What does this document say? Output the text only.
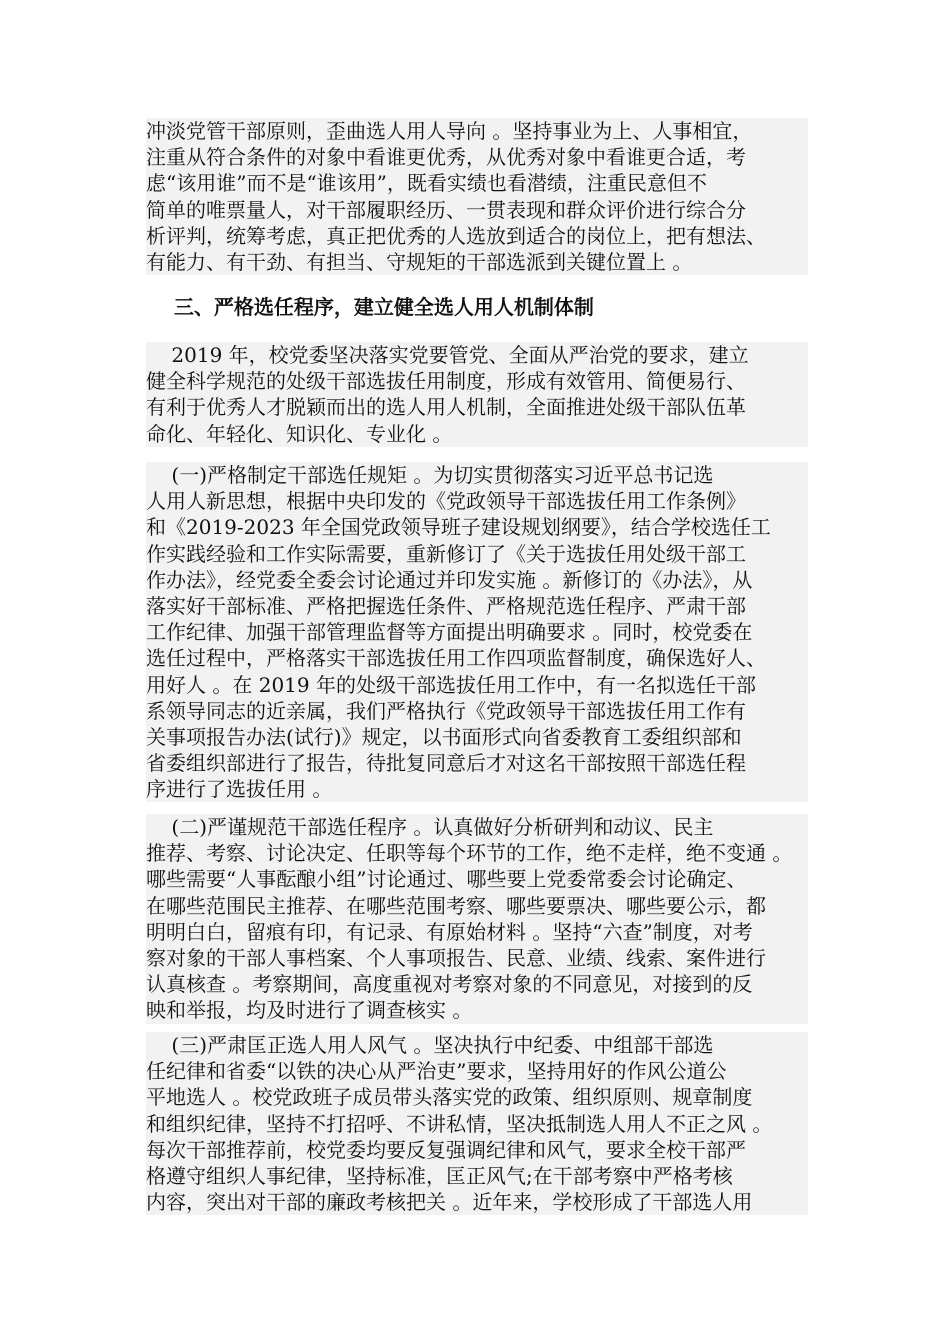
冲淡党管干部原则，歪曲选人用人导向 。坚持事业为上、人事相宜，
注重从符合条件的对象中看谁更优秀，从优秀对象中看谁更合适，考
虑“该用谁”而不是“谁该用”，既看实绩也看潜绩，注重民意但不
简单的唯票量人，对干部履职经历、一贯表现和群众评价进行综合分
析评判，统筹考虑，真正把优秀的人选放到适合的岗位上，把有想法、
有能力、有干劲、有担当、守规矩的干部选派到关键位置上 。
三、严格选任程序，建立健全选人用人机制体制
2019 年，校党委坚决落实党要管党、全面从严治党的要求，建立
健全科学规范的处级干部选拔任用制度，形成有效管用、简便易行、
有利于优秀人才脱颖而出的选人用人机制，全面推进处级干部队伍革
命化、年轻化、知识化、专业化 。
(一)严格制定干部选任规矩 。为切实贯彻落实习近平总书记选
人用人新思想，根据中央印发的《党政领导干部选拔任用工作条例》
和《2019-2023 年全国党政领导班子建设规划纲要》，结合学校选任工
作实践经验和工作实际需要，重新修订了《关于选拔任用处级干部工
作办法》，经党委全委会讨论通过并印发实施 。新修订的《办法》，从
落实好干部标准、严格把握选任条件、严格规范选任程序、严肃干部
工作纪律、加强干部管理监督等方面提出明确要求 。同时，校党委在
选任过程中，严格落实干部选拔任用工作四项监督制度，确保选好人、
用好人 。在 2019 年的处级干部选拔任用工作中，有一名拟选任干部
系领导同志的近亲属，我们严格执行《党政领导干部选拔任用工作有
关事项报告办法(试行)》规定，以书面形式向省委教育工委组织部和
省委组织部进行了报告，待批复同意后才对这名干部按照干部选任程
序进行了选拔任用 。
(二)严谨规范干部选任程序 。认真做好分析研判和动议、民主
推荐、考察、讨论决定、任职等每个环节的工作，绝不走样，绝不变通 。
哪些需要“人事酝酿小组”讨论通过、哪些要上党委常委会讨论确定、
在哪些范围民主推荐、在哪些范围考察、哪些要票决、哪些要公示，都
明明白白，留痕有印，有记录、有原始材料 。坚持“六查”制度，对考
察对象的干部人事档案、个人事项报告、民意、业绩、线索、案件进行
认真核查 。考察期间，高度重视对考察对象的不同意见，对接到的反
映和举报，均及时进行了调查核实 。
(三)严肃匡正选人用人风气 。坚决执行中纪委、中组部干部选
任纪律和省委“以铁的决心从严治吏”要求，坚持用好的作风公道公
平地选人 。校党政班子成员带头落实党的政策、组织原则、规章制度
和组织纪律，坚持不打招呼、不讲私情，坚决抵制选人用人不正之风 。
每次干部推荐前，校党委均要反复强调纪律和风气，要求全校干部严
格遵守组织人事纪律，坚持标准，匡正风气;在干部考察中严格考核
内容，突出对干部的廉政考核把关 。近年来，学校形成了干部选人用
